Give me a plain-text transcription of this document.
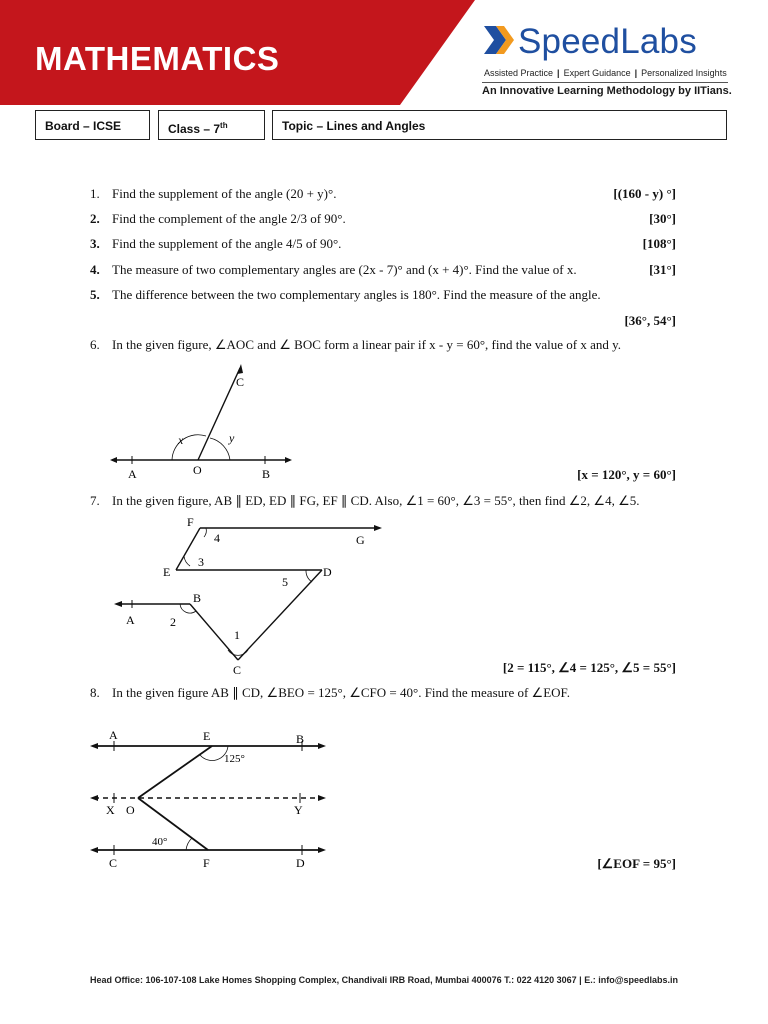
MATHEMATICS	SpeedLabs
Assisted Practice | Expert Guidance | Personalized Insights
An Innovative Learning Methodology by IITians.
Board – ICSE	Class – 7th	Topic – Lines and Angles
1. Find the supplement of the angle (20 + y)°.	[(160 - y) °]
2. Find the complement of the angle 2/3 of 90°.	[30°]
3. Find the supplement of the angle 4/5 of 90°.	[108°]
4. The measure of two complementary angles are (2x - 7)° and (x + 4)°. Find the value of x.	[31°]
5. The difference between the two complementary angles is 180°. Find the measure of the angle.
[36°, 54°]
6. In the given figure, ∠AOC and ∠ BOC form a linear pair if x - y = 60°, find the value of x and y.
A	O	B
C
x	y
[x = 120°, y = 60°]
7. In the given figure, AB ∥ ED, ED ∥ FG, EF ∥ CD. Also, ∠1 = 60°, ∠3 = 55°, then find ∠2, ∠4, ∠5.
F
G
E	D
B
A
C
1
2
3
4
5
[2 = 115°, ∠4 = 125°, ∠5 = 55°]
8. In the given figure AB ∥ CD, ∠BEO = 125°, ∠CFO = 40°. Find the measure of ∠EOF.
A	E	B
125°
X O	Y
40°
C	F	D	[∠EOF = 95°]
Head Office: 106-107-108 Lake Homes Shopping Complex, Chandivali IRB Road, Mumbai 400076 T.: 022 4120 3067 | E.: info@speedlabs.in
